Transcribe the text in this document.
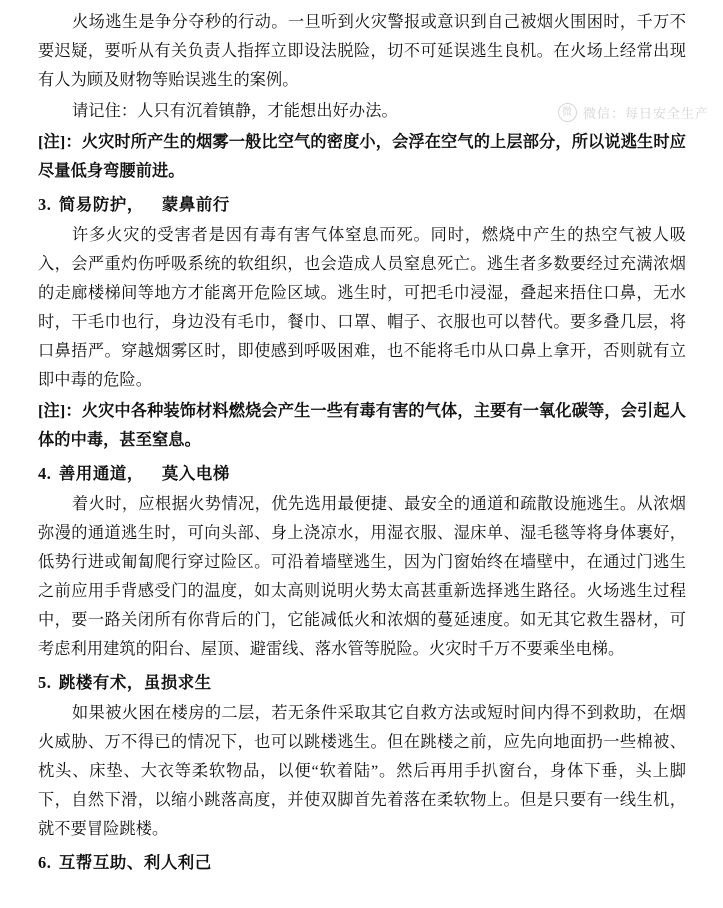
微 微信：每日安全生产

火场逃生是争分夺秒的行动。一旦听到火灾警报或意识到自己被烟火围困时，千万不要迟疑，要听从有关负责人指挥立即设法脱险，切不可延误逃生良机。在火场上经常出现有人为顾及财物等贻误逃生的案例。

请记住：人只有沉着镇静，才能想出好办法。

[注]：火灾时所产生的烟雾一般比空气的密度小，会浮在空气的上层部分，所以说逃生时应尽量低身弯腰前进。

3. 简易防护， 蒙鼻前行

许多火灾的受害者是因有毒有害气体窒息而死。同时，燃烧中产生的热空气被人吸入，会严重灼伤呼吸系统的软组织，也会造成人员窒息死亡。逃生者多数要经过充满浓烟的走廊楼梯间等地方才能离开危险区域。逃生时，可把毛巾浸湿，叠起来捂住口鼻，无水时，干毛巾也行，身边没有毛巾，餐巾、口罩、帽子、衣服也可以替代。要多叠几层，将口鼻捂严。穿越烟雾区时，即使感到呼吸困难，也不能将毛巾从口鼻上拿开，否则就有立即中毒的危险。

[注]：火灾中各种装饰材料燃烧会产生一些有毒有害的气体，主要有一氧化碳等，会引起人体的中毒，甚至窒息。

4. 善用通道， 莫入电梯

着火时，应根据火势情况，优先选用最便捷、最安全的通道和疏散设施逃生。从浓烟弥漫的通道逃生时，可向头部、身上浇凉水，用湿衣服、湿床单、湿毛毯等将身体裹好，低势行进或匍匐爬行穿过险区。可沿着墙壁逃生，因为门窗始终在墙壁中，在通过门逃生之前应用手背感受门的温度，如太高则说明火势太高甚重新选择逃生路径。火场逃生过程中，要一路关闭所有你背后的门，它能减低火和浓烟的蔓延速度。如无其它救生器材，可考虑利用建筑的阳台、屋顶、避雷线、落水管等脱险。火灾时千万不要乘坐电梯。

5. 跳楼有术，虽损求生

如果被火困在楼房的二层，若无条件采取其它自救方法或短时间内得不到救助，在烟火威胁、万不得已的情况下，也可以跳楼逃生。但在跳楼之前，应先向地面扔一些棉被、枕头、床垫、大衣等柔软物品，以便“软着陆”。然后再用手扒窗台，身体下垂，头上脚下，自然下滑，以缩小跳落高度，并使双脚首先着落在柔软物上。但是只要有一线生机，就不要冒险跳楼。

6. 互帮互助、利人利己
